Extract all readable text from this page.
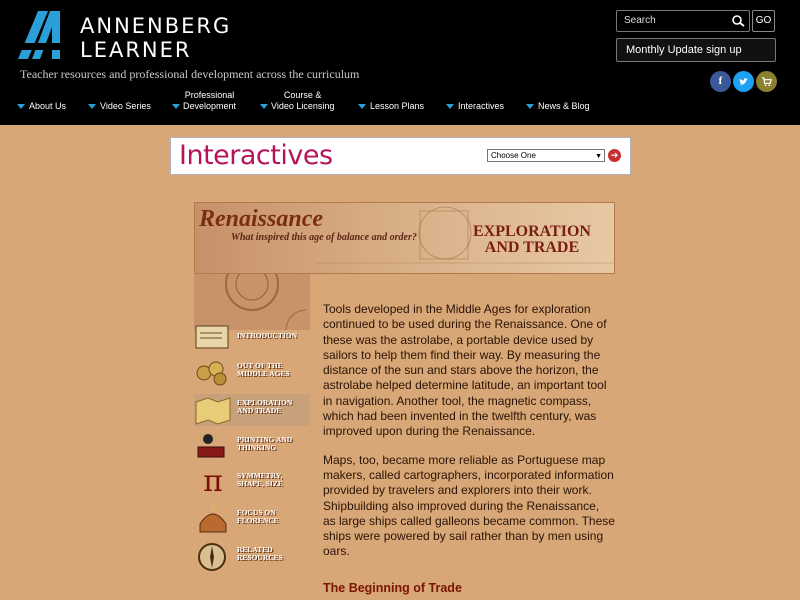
ANNENBERG
LEARNER
Teacher resources and professional development across the curriculum
Search	GO
Monthly Update sign up
f
About Us	Video Series
Professional
Development
Course &
Video Licensing	Lesson Plans	Interactives	News & Blog
Interactives	Choose One	▼ ➔
Renaissance
What inspired this age of balance and order?	EXPLORATION
AND TRADE
INTRODUCTION
OUT OF THE
MIDDLE AGES
EXPLORATION
AND TRADE
PRINTING AND
THINKING
π	SYMMETRY,
SHAPE, SIZE
FOCUS ON
FLORENCE
RELATED
RESOURCES

Tools developed in the Middle Ages for exploration continued to be used during the Renaissance. One of these was the astrolabe, a portable device used by sailors to help them find their way. By measuring the distance of the sun and stars above the horizon, the astrolabe helped determine latitude, an important tool in navigation. Another tool, the magnetic compass, which had been invented in the twelfth century, was improved upon during the Renaissance.

Maps, too, became more reliable as Portuguese map makers, called cartographers, incorporated information provided by travelers and explorers into their work. Shipbuilding also improved during the Renaissance, as large ships called galleons became common. These ships were powered by sail rather than by men using oars.

The Beginning of Trade
